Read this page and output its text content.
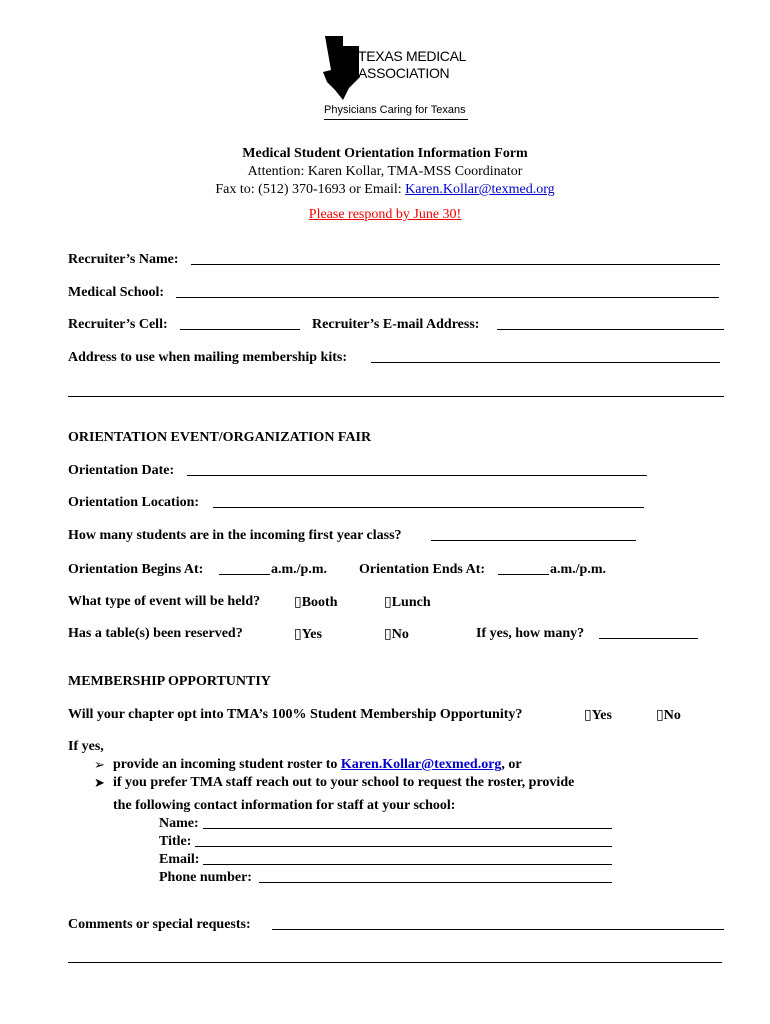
TEXAS MEDICAL
ASSOCIATION
Physicians Caring for Texans
Medical Student Orientation Information Form
Attention: Karen Kollar, TMA-MSS Coordinator
Fax to: (512) 370-1693 or Email: Karen.Kollar@texmed.org
Please respond by June 30!
Recruiter’s Name:
Medical School:
Recruiter’s Cell:	Recruiter’s E-mail Address:
Address to use when mailing membership kits:
ORIENTATION EVENT/ORGANIZATION FAIR
Orientation Date:
Orientation Location:
How many students are in the incoming first year class?
Orientation Begins At:	a.m./p.m. Orientation Ends At:	a.m./p.m.
What type of event will be held? ▯Booth	▯Lunch
Has a table(s) been reserved?	▯Yes	▯No	If yes, how many?
MEMBERSHIP OPPORTUNTIY
Will your chapter opt into TMA’s 100% Student Membership Opportunity?	▯Yes	▯No
If yes,
➢ provide an incoming student roster to Karen.Kollar@texmed.org, or
➤ if you prefer TMA staff reach out to your school to request the roster, provide
the following contact information for staff at your school:
Name:
Title:
Email:
Phone number:
Comments or special requests:
